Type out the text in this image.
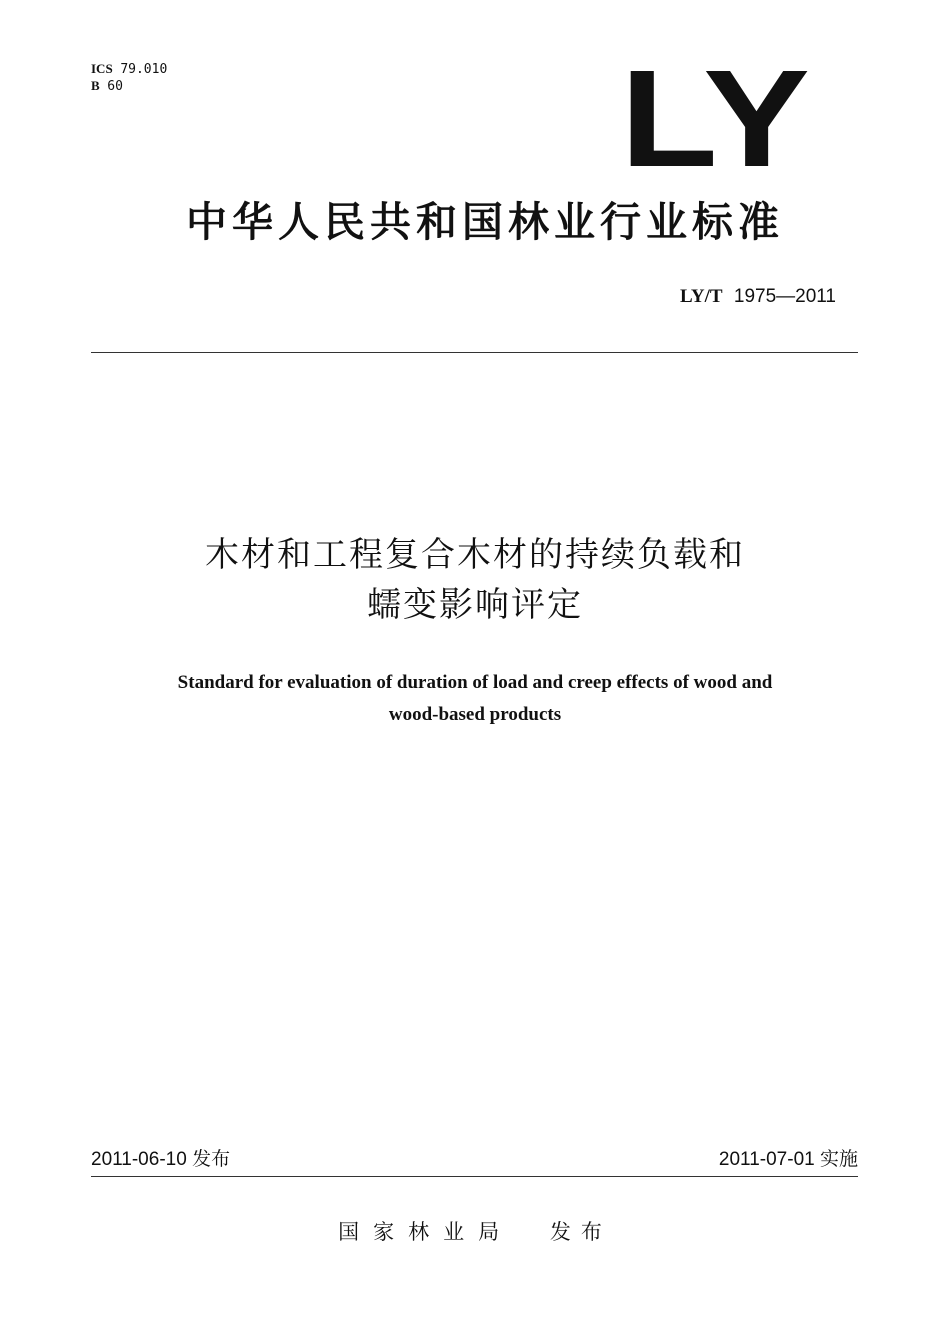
ICS 79.010
B 60	LY
中华人民共和国林业行业标准
LY/T 1975—2011
木材和工程复合木材的持续负载和
蠕变影响评定
Standard for evaluation of duration of load and creep effects of wood and
wood-based products
2011-06-10 发布	2011-07-01 实施
国家林业局 发布
